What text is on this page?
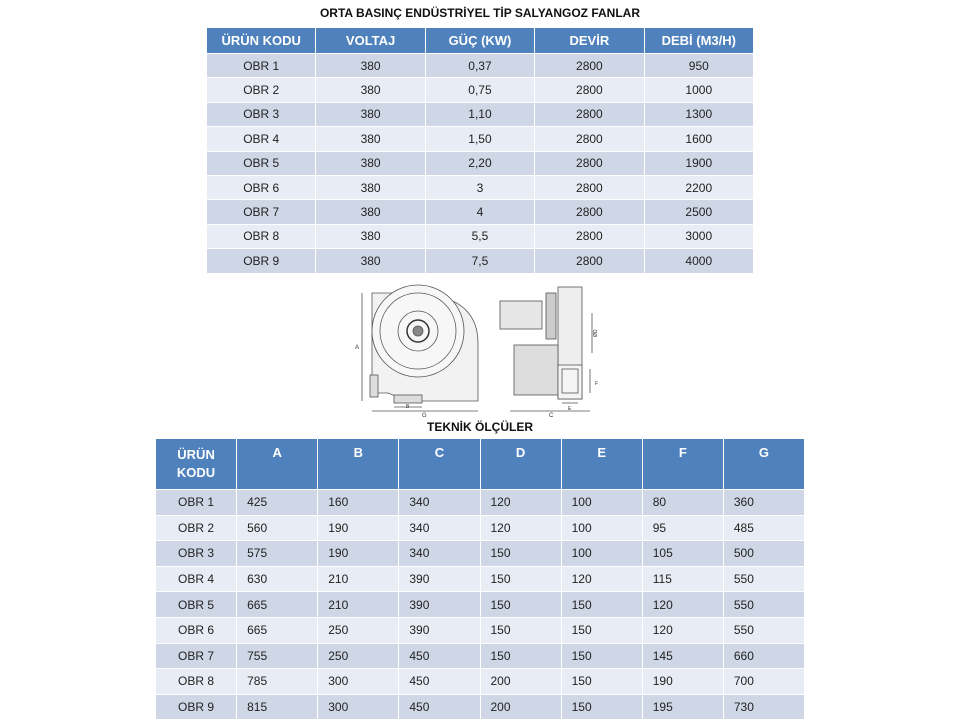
ORTA BASINÇ ENDÜSTRİYEL TİP SALYANGOZ FANLAR
ÜRÜN KODU	VOLTAJ	GÜÇ (KW)	DEVİR	DEBİ (M3/H)
OBR 1	380	0,37	2800	950
OBR 2	380	0,75	2800	1000
OBR 3	380	1,10	2800	1300
OBR 4	380	1,50	2800	1600
OBR 5	380	2,20	2800	1900
OBR 6	380	3	2800	2200
OBR 7	380	4	2800	2500
OBR 8	380	5,5	2800	3000
OBR 9	380	7,5	2800	4000
A
B
G	C
E
F
ØD
TEKNİK ÖLÇÜLER
ÜRÜN
KODU	A	B	C	D	E	F	G
OBR 1	425	160	340	120	100	80	360
OBR 2	560	190	340	120	100	95	485
OBR 3	575	190	340	150	100	105	500
OBR 4	630	210	390	150	120	115	550
OBR 5	665	210	390	150	150	120	550
OBR 6	665	250	390	150	150	120	550
OBR 7	755	250	450	150	150	145	660
OBR 8	785	300	450	200	150	190	700
OBR 9	815	300	450	200	150	195	730
